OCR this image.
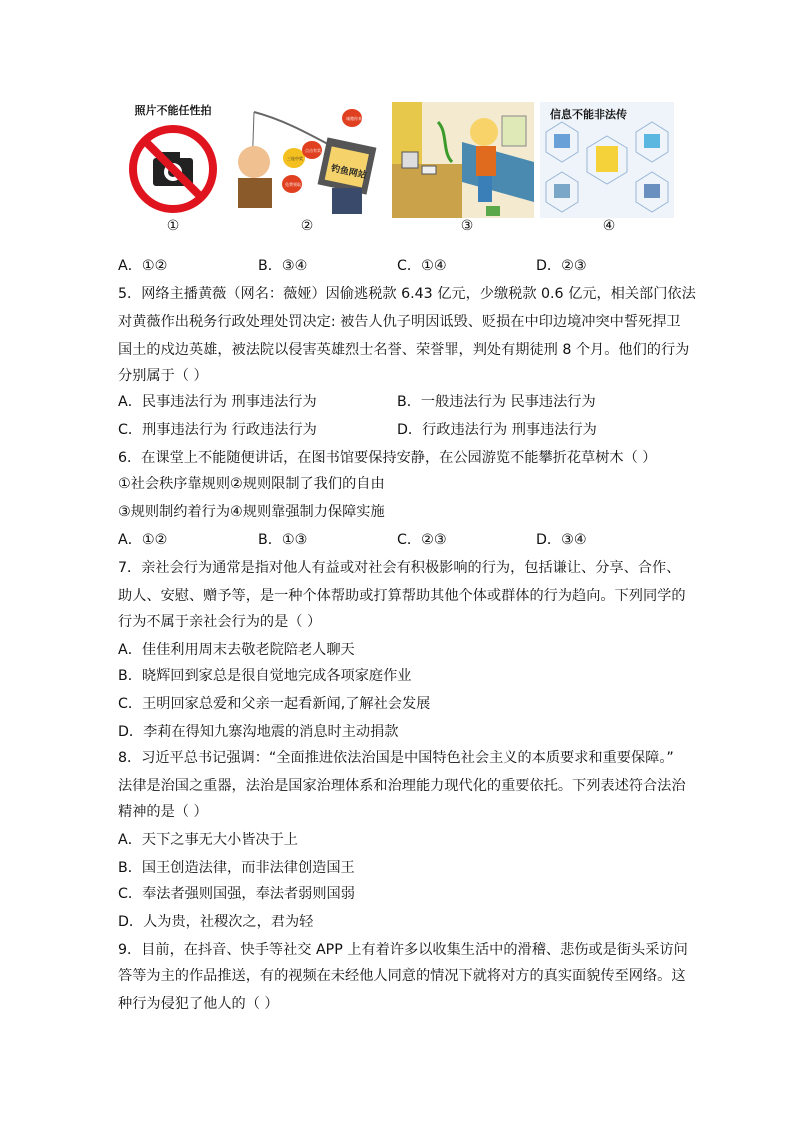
照片不能任性拍
①
钓鱼网站
诚邀你来
三连中奖
免费领取
点击有奖
②	③
信息不能非法传
④
A．①②	B．③④	C．①④	D．②③
5．网络主播黄薇（网名：薇娅）因偷逃税款 6.43 亿元，少缴税款 0.6 亿元，相关部门依法
对黄薇作出税务行政处理处罚决定: 被告人仇子明因诋毁、贬损在中印边境冲突中誓死捍卫
国土的戍边英雄，被法院以侵害英雄烈士名誉、荣誉罪，判处有期徒刑 8 个月。他们的行为
分别属于（ ）
A．民事违法行为 刑事违法行为	B．一般违法行为 民事违法行为
C．刑事违法行为 行政违法行为	D．行政违法行为 刑事违法行为
6．在课堂上不能随便讲话，在图书馆要保持安静，在公园游览不能攀折花草树木（ ）
①社会秩序靠规则②规则限制了我们的自由
③规则制约着行为④规则靠强制力保障实施
A．①②	B．①③	C．②③	D．③④
7．亲社会行为通常是指对他人有益或对社会有积极影响的行为，包括谦让、分享、合作、
助人、安慰、赠予等，是一种个体帮助或打算帮助其他个体或群体的行为趋向。下列同学的
行为不属于亲社会行为的是（ ）
A．佳佳利用周末去敬老院陪老人聊天
B．晓辉回到家总是很自觉地完成各项家庭作业
C．王明回家总爱和父亲一起看新闻,了解社会发展
D．李莉在得知九寨沟地震的消息时主动捐款
8．习近平总书记强调：“全面推进依法治国是中国特色社会主义的本质要求和重要保障。”
法律是治国之重器，法治是国家治理体系和治理能力现代化的重要依托。下列表述符合法治
精神的是（ ）
A．天下之事无大小皆决于上
B．国王创造法律，而非法律创造国王
C．奉法者强则国强，奉法者弱则国弱
D．人为贵，社稷次之，君为轻
9．目前，在抖音、快手等社交 APP 上有着许多以收集生活中的滑稽、悲伤或是街头采访问
答等为主的作品推送，有的视频在未经他人同意的情况下就将对方的真实面貌传至网络。这
种行为侵犯了他人的（ ）
